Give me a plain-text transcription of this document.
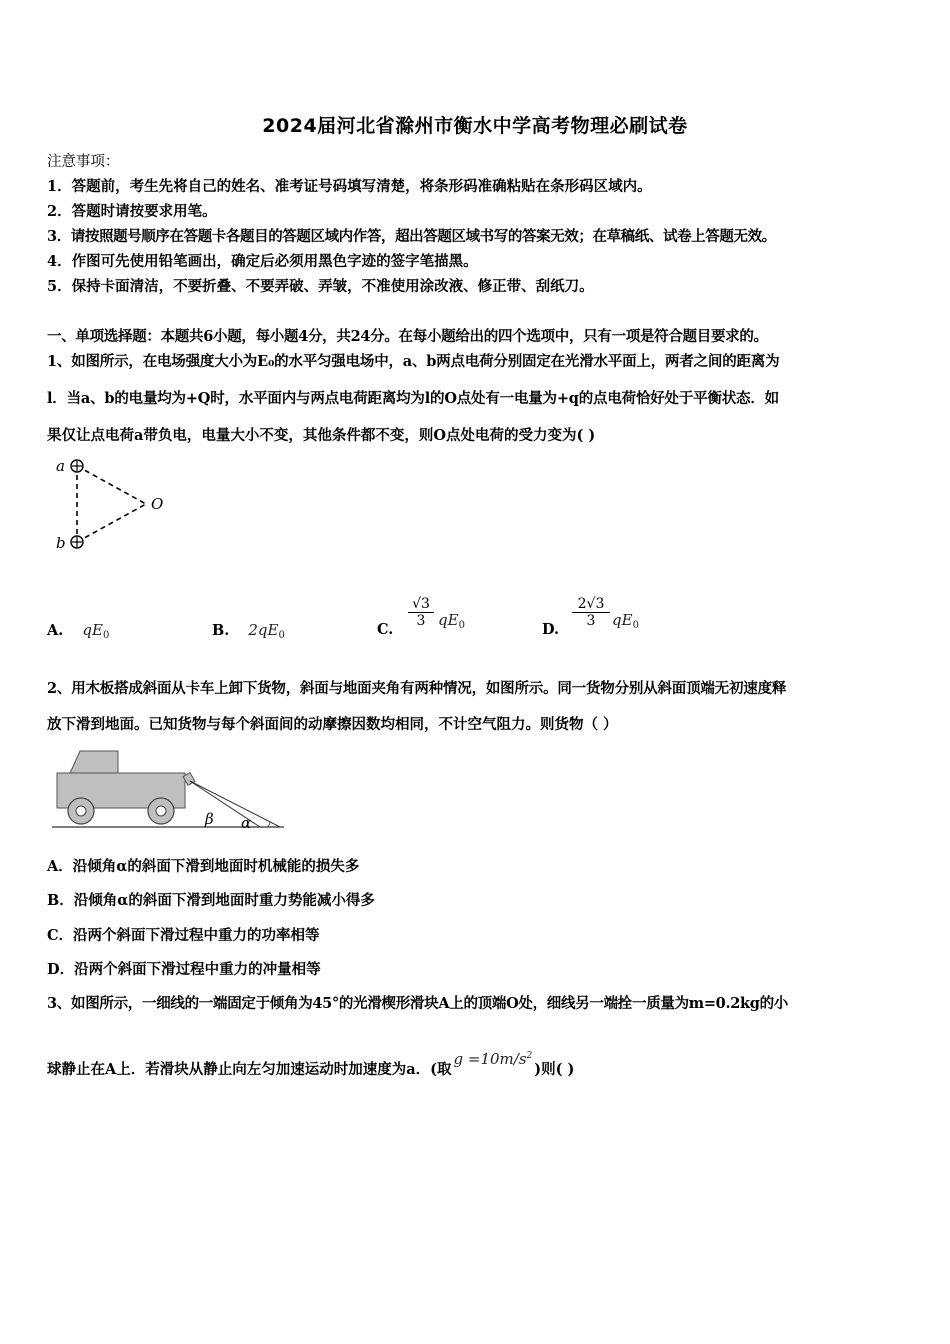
2024届河北省滁州市衡水中学高考物理必刷试卷
注意事项：
1．答题前，考生先将自己的姓名、准考证号码填写清楚，将条形码准确粘贴在条形码区域内。
2．答题时请按要求用笔。
3．请按照题号顺序在答题卡各题目的答题区域内作答，超出答题区域书写的答案无效；在草稿纸、试卷上答题无效。
4．作图可先使用铅笔画出，确定后必须用黑色字迹的签字笔描黑。
5．保持卡面清洁，不要折叠、不要弄破、弄皱，不准使用涂改液、修正带、刮纸刀。
一、单项选择题：本题共6小题，每小题4分，共24分。在每小题给出的四个选项中，只有一项是符合题目要求的。
1、如图所示，在电场强度大小为E₀的水平匀强电场中，a、b两点电荷分别固定在光滑水平面上，两者之间的距离为
l．当a、b的电量均为+Q时，水平面内与两点电荷距离均为l的O点处有一电量为+q的点电荷恰好处于平衡状态．如
果仅让点电荷a带负电，电量大小不变，其他条件都不变，则O点处电荷的受力变为( )
a
b
O
A. $qE_0$	B. $2qE_0$	C.
$\frac{√3}{3} qE_0$	D.
$\frac{2√3}{3} qE_0$
2、用木板搭成斜面从卡车上卸下货物，斜面与地面夹角有两种情况，如图所示。同一货物分别从斜面顶端无初速度释
放下滑到地面。已知货物与每个斜面间的动摩擦因数均相同，不计空气阻力。则货物（ ）
β α
A．沿倾角α的斜面下滑到地面时机械能的损失多
B．沿倾角α的斜面下滑到地面时重力势能减小得多
C．沿两个斜面下滑过程中重力的功率相等
D．沿两个斜面下滑过程中重力的冲量相等
3、如图所示，一细线的一端固定于倾角为45°的光滑楔形滑块A上的顶端O处，细线另一端拴一质量为m=0.2kg的小
球静止在A上．若滑块从静止向左匀加速运动时加速度为a．(取$g =10m/s^2$)则( )
